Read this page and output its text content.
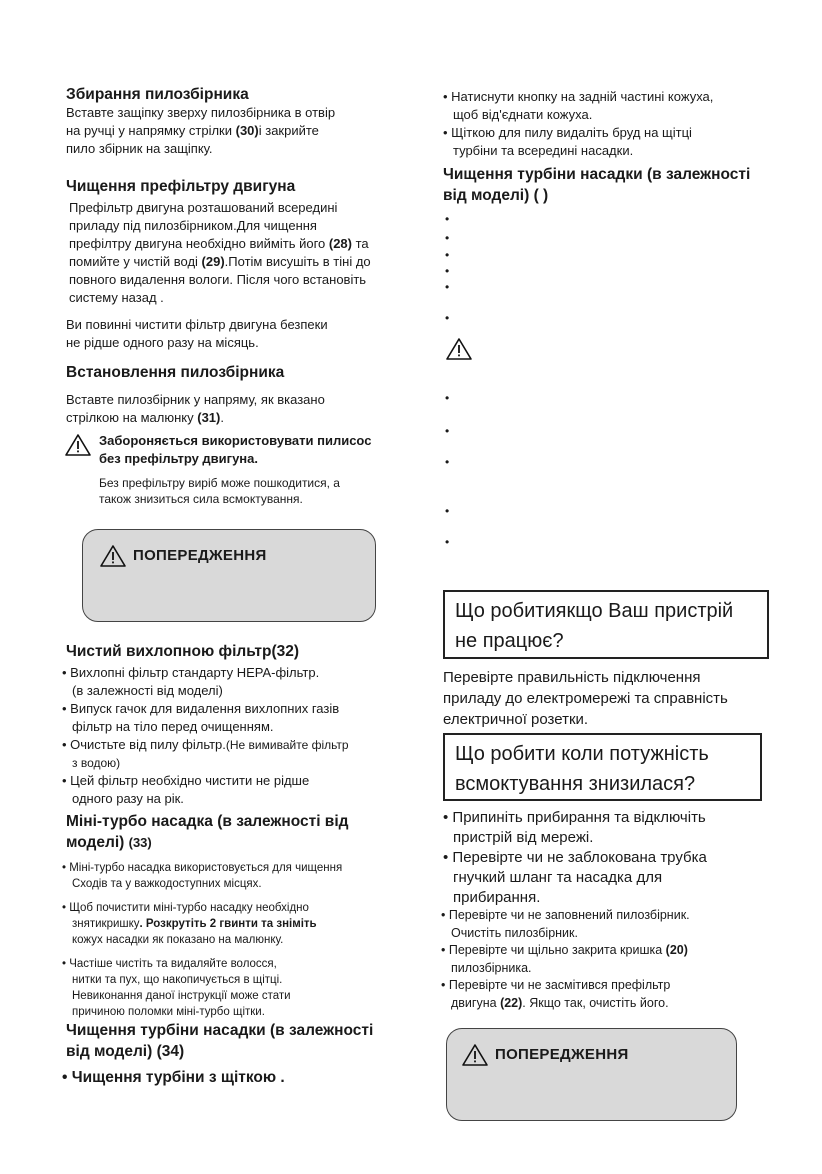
Збирання пилозбірника
Вставте защіпку зверху пилозбірника в отвір
на ручці у напрямку стрілки (30)і закрийте
пило збірник на защіпку.
Чищення префільтру двигуна
Префільтр двигуна розташований всередині
приладу під пилозбірником.Для чищення
префілтру двигуна необхідно вийміть його (28) та
помийте у чистій воді (29).Потім висушіть в тіні до
повного видалення вологи. Після чого встановіть
систему назад .
Ви повинні чистити фільтр двигуна безпеки
не рідше одного разу на місяць.
Встановлення пилозбірника
Вставте пилозбірник у напряму, як вказано
стрілкою на малюнку (31).
Забороняється використовувати пилисос
без префільтру двигуна.
Без префільтру виріб може пошкодитися, а
також знизиться сила всмоктування.
ПОПЕРЕДЖЕННЯ
Чистий вихлопною фільтр(32)
• Вихлопні фільтр стандарту HEPA-фільтр.
(в залежності від моделі)
• Випуск гачок для видалення вихлопних газів
фільтр на тіло перед очищенням.
• Очистьте від пилу фільтр.(Не вимивайте фільтр
з водою)
• Цей фільтр необхідно чистити не рідше
одного разу на рік.
Міні-турбо насадка (в залежності від
моделі) (33)
• Міні-турбо насадка використовується для чищення
Сходів та у важкодоступних місцях.
• Щоб почистити міні-турбо насадку необхідно
знятикришку. Розкрутіть 2 гвинти та зніміть
кожух насадки як показано на малюнку.
• Частіше чистіть та видаляйте волосся,
нитки та пух, що накопичується в щітці.
Невиконання даної інструкції може стати
причиною поломки міні-турбо щітки.
Чищення турбіни насадки (в залежності
від моделі) (34)
• Чищення турбіни з щіткою .
• Натиснути кнопку на задній частині кожуха,
щоб від'єднати кожуха.
• Щіткою для пилу видаліть бруд на щітці
турбіни та всередині насадки.
Чищення турбіни насадки (в залежності
від моделі) ( )
•
•
•
•
•
•
•
•
•
•
•
Що робитиякщо Ваш пристрій
не працює?
Перевірте правильність підключення
приладу до електромережі та справність
електричної розетки.
Що робити коли потужність
всмоктування знизилася?
• Припиніть прибирання та відключіть
пристрій від мережі.
• Перевірте чи не заблокована трубка
гнучкий шланг та насадка для
прибирання.
• Перевірте чи не заповнений пилозбірник.
Очистіть пилозбірник.
• Перевірте чи щільно закрита кришка (20)
пилозбірника.
• Перевірте чи не засмітився префільтр
двигуна (22). Якщо так, очистіть його.
ПОПЕРЕДЖЕННЯ
